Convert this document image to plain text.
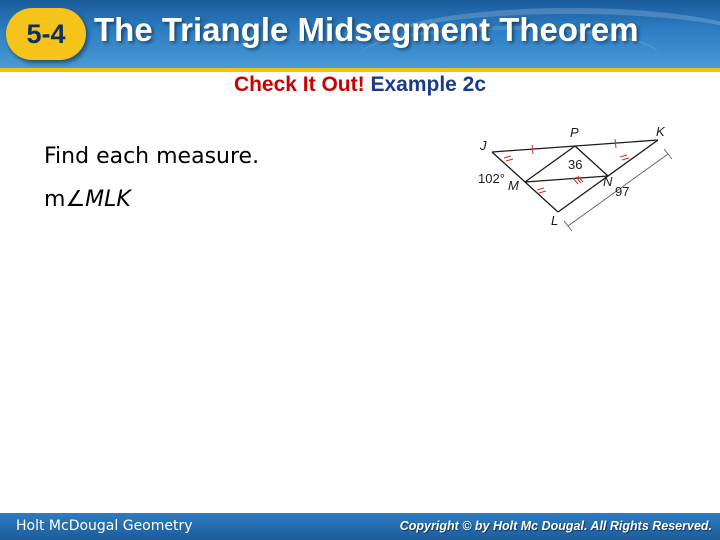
5-4 The Triangle Midsegment Theorem
Check It Out! Example 2c
Find each measure.
m∠MLK
J
P	K
M	N
L
102°
36
97
Holt McDougal Geometry	Copyright © by Holt Mc Dougal. All Rights Reserved.
